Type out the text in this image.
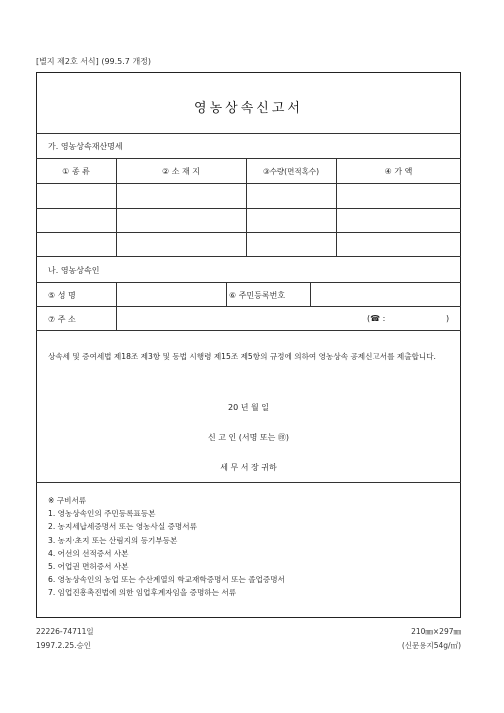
[별지 제2호 서식] (99.5.7 개정)
영농상속신고서
가. 영농상속재산명세
① 종 류	② 소 재 지	③수량(면적혹수)	④ 가 액
나. 영농상속인
⑤ 성 명	⑥ 주민등록번호
⑦ 주 소	(☎ :	)
상속세 및 증여세법 제18조 제3항 및 동법 시행령 제15조 제5항의 규정에 의하여 영농상속 공제신고서를 제출합니다.
20 년 월 일
신 고 인 (서명 또는 ㊞)
세 무 서 장 귀하
※ 구비서류
1. 영농상속인의 주민등록표등본
2. 농지세납세증명서 또는 영농사실 증명서류
3. 농지·초지 또는 산림지의 등기부등본
4. 어선의 선적증서 사본
5. 어업권 면허증서 사본
6. 영농상속인의 농업 또는 수산계열의 학교재학증명서 또는 졸업증명서
7. 임업진흥촉진법에 의한 임업후계자임을 증명하는 서류
22226-74711일
1997.2.25.승인
210㎜×297㎜
(신문용지54g/㎡)
